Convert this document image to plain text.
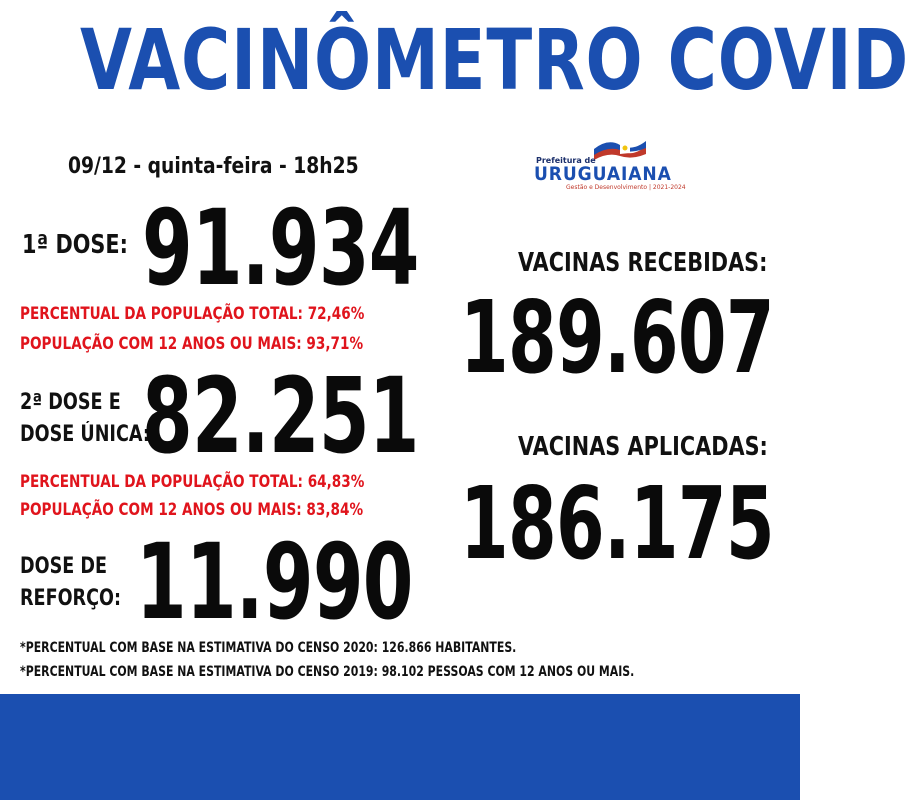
VACINÔMETRO COVID
09/12 - quinta-feira - 18h25	Prefeitura de
URUGUAIANA
Gestão e Desenvolvimento | 2021-2024
1ª DOSE: 91.934
PERCENTUAL DA POPULAÇÃO TOTAL: 72,46%
POPULAÇÃO COM 12 ANOS OU MAIS: 93,71%
2ª DOSE E
DOSE ÚNICA:
82.251
PERCENTUAL DA POPULAÇÃO TOTAL: 64,83%
POPULAÇÃO COM 12 ANOS OU MAIS: 83,84%
DOSE DE
REFORÇO: 11.990
VACINAS RECEBIDAS:
189.607
VACINAS APLICADAS:
186.175
*PERCENTUAL COM BASE NA ESTIMATIVA DO CENSO 2020: 126.866 HABITANTES.
*PERCENTUAL COM BASE NA ESTIMATIVA DO CENSO 2019: 98.102 PESSOAS COM 12 ANOS OU MAIS.
